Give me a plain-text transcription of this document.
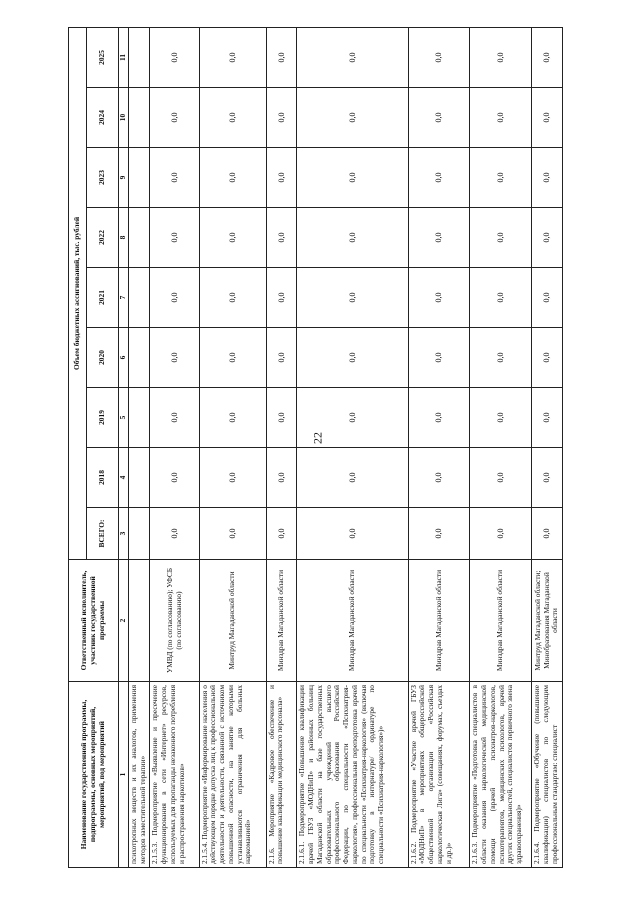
22
Наименование государственной программы, подпрограммы, основных мероприятий, мероприятий, под мероприятий	Ответственный исполнитель, участник государственной программы	Объем бюджетных ассигнований, тыс. рублей								
		ВСЕГО:	2018	2019	2020	2021	2022	2023	2024	2025
1	2	3	4	5	6	7	8	9	10	11
психотропных веществ и их аналогов, применения методов заместительной терапии»										
2.1.5.3. Подмероприятие «Выявление и пресечение функционирования в сети «Интернет» ресурсов, используемых для пропаганды незаконного потребления и распространения наркотиков»	УМВД (по согласованию); УФСБ (по согласованию)	0,0	0,0	0,0	0,0	0,0	0,0	0,0	0,0	0,0
2.1.5.4. Подмероприятие «Информирование населения о действующем порядке допуска лиц к профессиональной деятельности и деятельности, связанной с источником повышенной опасности, на занятие которыми устанавливаются ограничения для больных наркоманией»	Минтруд Магаданской области	0,0	0,0	0,0	0,0	0,0	0,0	0,0	0,0	0,0
2.1.6. Мероприятие «Кадровое обеспечение и повышение квалификации медицинского персонала»	Минздрав Магаданской области	0,0	0,0	0,0	0,0	0,0	0,0	0,0	0,0	0,0
2.1.6.1. Подмероприятие «Повышение квалификации врачей ГБУЗ «МОДНиП» и районных больниц Магаданской области на базе государственных образовательных учреждений высшего профессионального образования Российской Федерации, по специальности «Психиатрия-наркология», профессиональная переподготовка врачей по специальности «Психиатрия-наркология» (включая подготовку в интернатуре/ ординатуре по специальности «Психиатрия-наркология»)»	Минздрав Магаданской области	0,0	0,0	0,0	0,0	0,0	0,0	0,0	0,0	0,0
2.1.6.2. Подмероприятие «Участие врачей ГБУЗ «МОДНиП» в мероприятиях общероссийской общественной организации «Российская наркологическая Лига» (совещаниях, форумах, съездах и др.)»	Минздрав Магаданской области	0,0	0,0	0,0	0,0	0,0	0,0	0,0	0,0	0,0
2.1.6.3. Подмероприятие «Подготовка специалистов в области оказания наркологической медицинской помощи (врачей психиатров-наркологов, психотерапевтов, медицинских психологов, врачей других специальностей, специалистов первичного звена здравоохранения)»	Минздрав Магаданской области	0,0	0,0	0,0	0,0	0,0	0,0	0,0	0,0	0,0
2.1.6.4. Подмероприятие «Обучение (повышение квалификации) специалистов по следующим профессиональным стандартам: специалист	Минтруд Магаданской области; Минобразования Магаданской области	0,0	0,0	0,0	0,0	0,0	0,0	0,0	0,0	0,0
